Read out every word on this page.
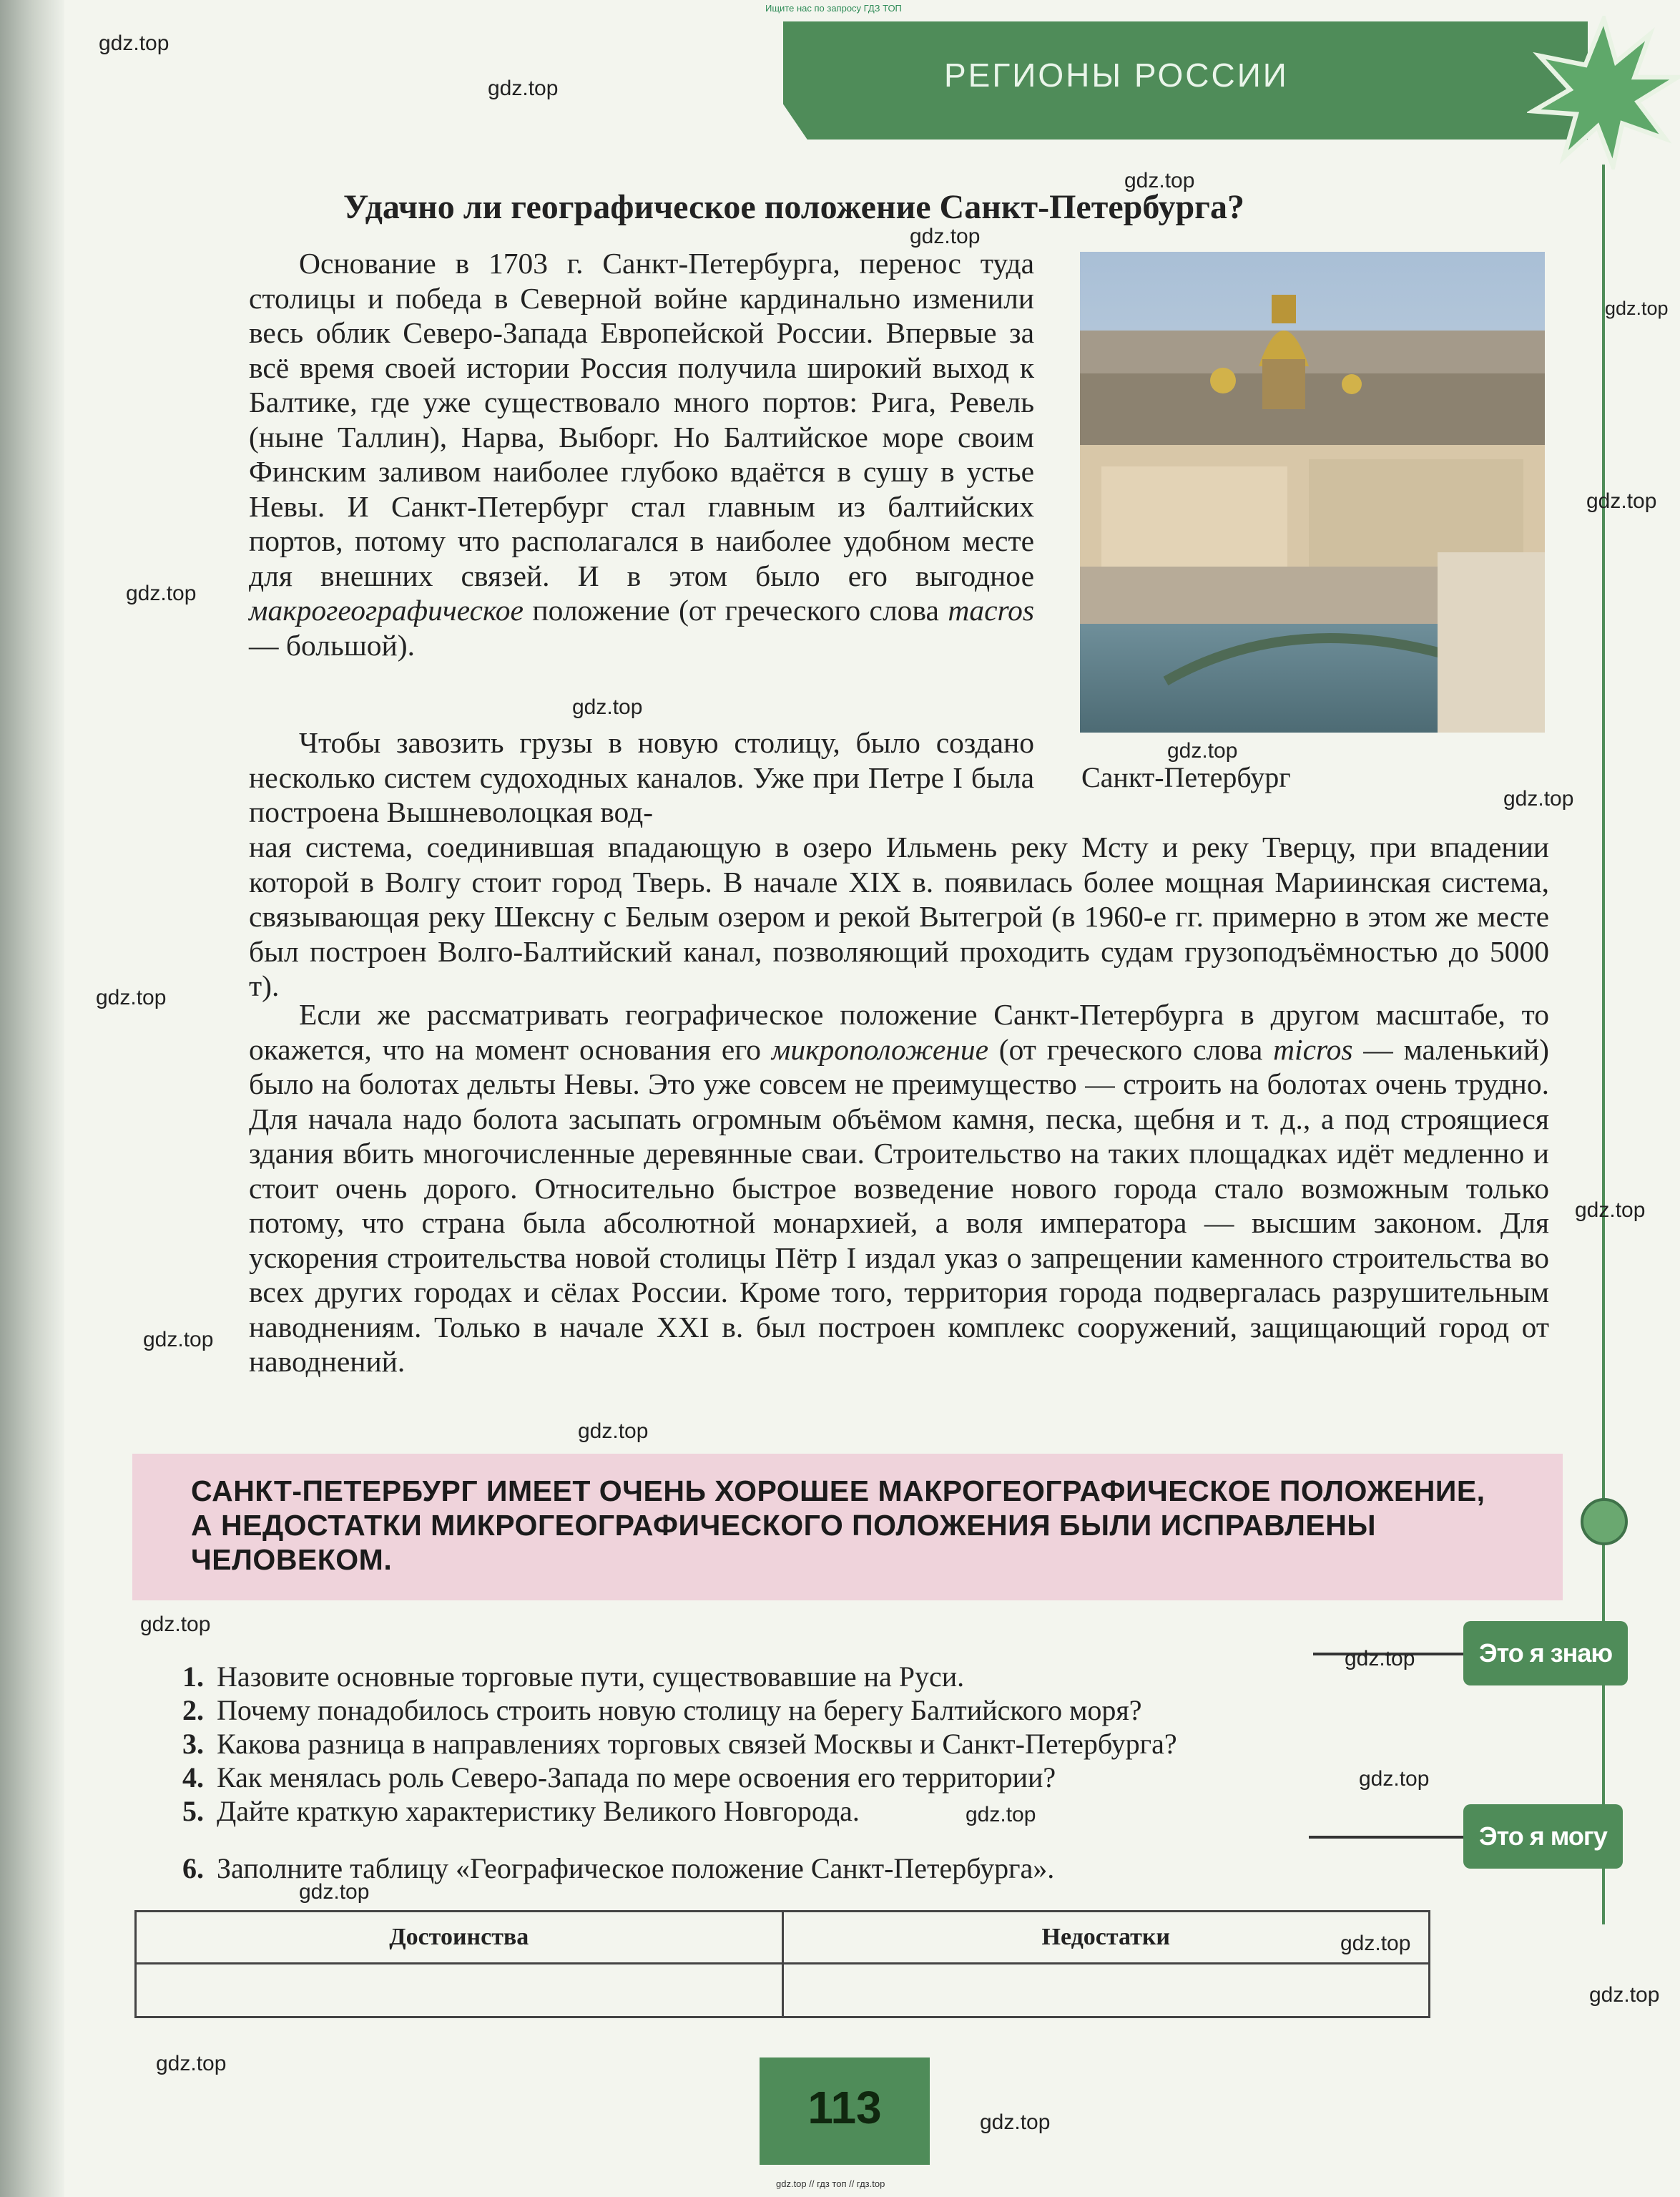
Ищите нас по запросу ГДЗ ТОП
РЕГИОНЫ РОССИИ
Удачно ли географическое положение Санкт-Петербурга?
Санкт-Петербург

Основание в 1703 г. Санкт-Петербурга, перенос туда столицы и победа в Северной войне кардинально изменили весь облик Северо-Запада Европейской России. Впервые за всё время своей истории Россия получила широкий выход к Балтике, где уже существовало много портов: Рига, Ревель (ныне Таллин), Нарва, Выборг. Но Балтийское море своим Финским заливом наиболее глубоко вдаётся в сушу в устье Невы. И Санкт-Петербург стал главным из балтийских портов, потому что располагался в наиболее удобном месте для внешних связей. И в этом было его выгодное макрогеографическое положение (от греческого слова macros — большой).

Чтобы завозить грузы в новую столицу, было создано несколько систем судоходных каналов. Уже при Петре I была построена Вышневолоцкая вод-

ная система, соединившая впадающую в озеро Ильмень реку Мсту и реку Тверцу, при впадении которой в Волгу стоит город Тверь. В начале XIX в. появилась более мощная Мариинская система, связывающая реку Шексну с Белым озером и рекой Вытегрой (в 1960-е гг. примерно в этом же месте был построен Волго-Балтийский канал, позволяющий проходить судам грузоподъёмностью до 5000 т).

Если же рассматривать географическое положение Санкт-Петербурга в другом масштабе, то окажется, что на момент основания его микроположение (от греческого слова micros — маленький) было на болотах дельты Невы. Это уже совсем не преимущество — строить на болотах очень трудно. Для начала надо болота засыпать огромным объёмом камня, песка, щебня и т. д., а под строящиеся здания вбить многочисленные деревянные сваи. Строительство на таких площадках идёт медленно и стоит очень дорого. Относительно быстрое возведение нового города стало возможным только потому, что страна была абсолютной монархией, а воля императора — высшим законом. Для ускорения строительства новой столицы Пётр I издал указ о запрещении каменного строительства во всех других городах и сёлах России. Кроме того, территория города подвергалась разрушительным наводнениям. Только в начале XXI в. был построен комплекс сооружений, защищающий город от наводнений.

САНКТ-ПЕТЕРБУРГ ИМЕЕТ ОЧЕНЬ ХОРОШЕЕ МАКРОГЕОГРАФИЧЕСКОЕ ПОЛОЖЕНИЕ, А НЕДОСТАТКИ МИКРОГЕОГРАФИЧЕСКОГО ПОЛОЖЕНИЯ БЫЛИ ИСПРАВЛЕНЫ ЧЕЛОВЕКОМ.

Это я знаю
Это я могу
1. Назовите основные торговые пути, существовавшие на Руси.
2. Почему понадобилось строить новую столицу на берегу Балтийского моря?
3. Какова разница в направлениях торговых связей Москвы и Санкт-Петербурга?
4. Как менялась роль Северо-Запада по мере освоения его территории?
5. Дайте краткую характеристику Великого Новгорода.
6. Заполните таблицу «Географическое положение Санкт-Петербурга».
Достоинства	Недостатки

113
gdz.top // гдз топ // гдз.top
gdz.top
gdz.top
gdz.top
gdz.top
gdz.top
gdz.top
gdz.top
gdz.top
gdz.top
gdz.top
gdz.top
gdz.top
gdz.top
gdz.top
gdz.top
gdz.top
gdz.top
gdz.top
gdz.top
gdz.top
gdz.top
gdz.top
gdz.top
